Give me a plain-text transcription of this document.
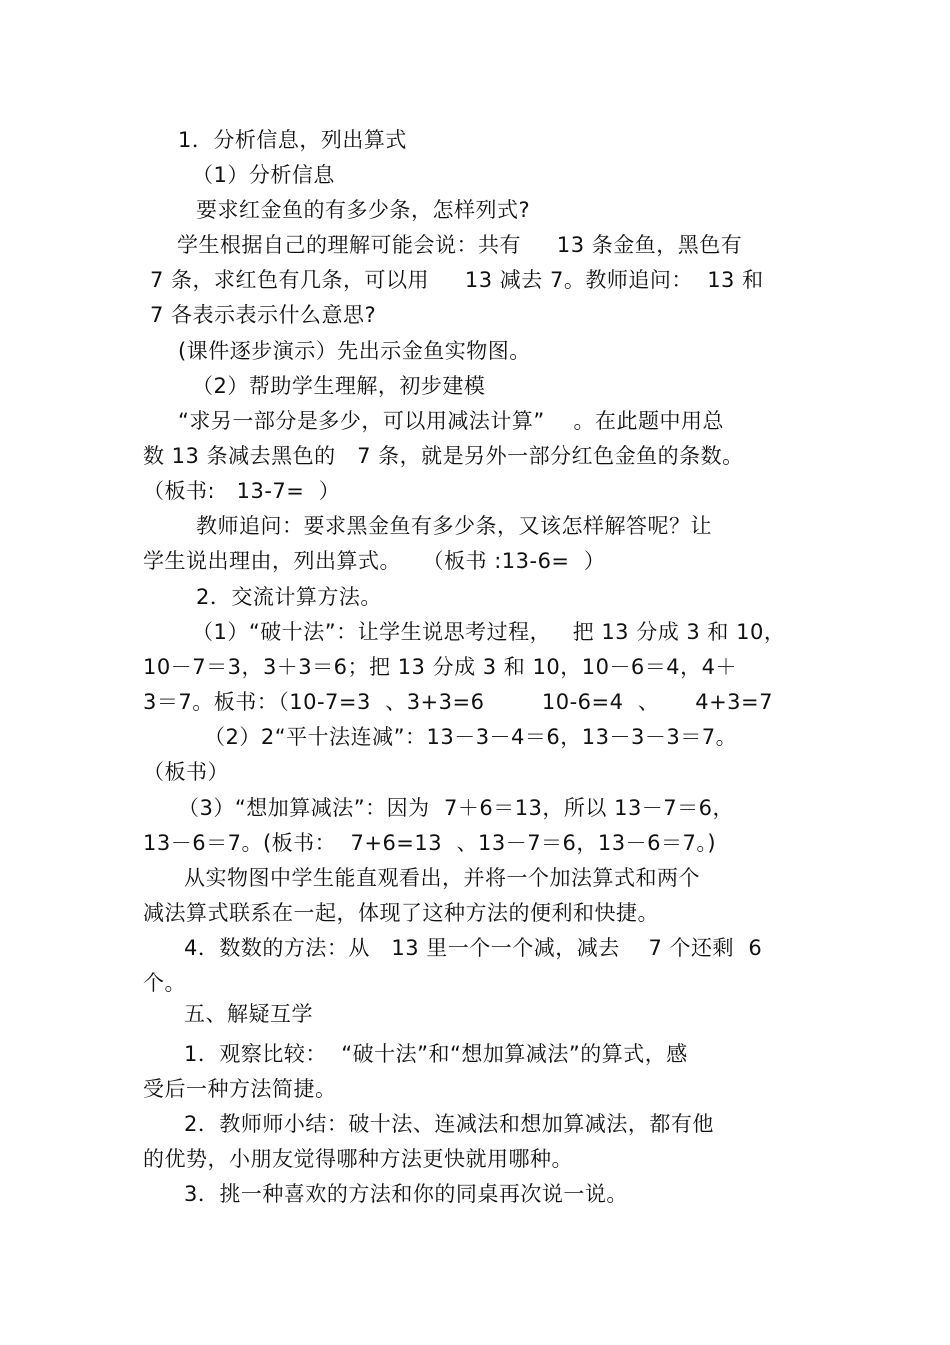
1．分析信息，列出算式
（1）分析信息
要求红金鱼的有多少条，怎样列式?
学生根据自己的理解可能会说：共有     13 条金鱼，黑色有
7 条，求红色有几条，可以用     13 减去 7。教师追问：  13 和
7 各表示表示什么意思?
(课件逐步演示）先出示金鱼实物图。
（2）帮助学生理解，初步建模
“求另一部分是多少，可以用减法计算”    。在此题中用总
数 13 条减去黑色的   7 条，就是另外一部分红色金鱼的条数。
（板书:   13-7=  ）
教师追问：要求黑金鱼有多少条，又该怎样解答呢？让
学生说出理由，列出算式。   （板书 :13-6=  ）
2．交流计算方法。
（1）“破十法”：让学生说思考过程，   把 13 分成 3 和 10，
10－7＝3，3＋3＝6；把 13 分成 3 和 10，10－6＝4，4＋
3＝7。板书：（10-7=3  、3+3=6        10-6=4  、     4+3=7
（2）2“平十法连减”：13－3－4＝6，13－3－3＝7。
（板书）
（3）“想加算减法”：因为  7＋6＝13，所以 13－7＝6，
13－6＝7。(板书：  7+6=13  、13－7＝6，13－6＝7。)
从实物图中学生能直观看出，并将一个加法算式和两个
减法算式联系在一起，体现了这种方法的便利和快捷。
4．数数的方法：从   13 里一个一个减，减去    7 个还剩  6
个。
五、解疑互学
1．观察比较：  “破十法”和“想加算减法”的算式，感
受后一种方法简捷。
2．教师师小结：破十法、连减法和想加算减法，都有他
的优势，小朋友觉得哪种方法更快就用哪种。
3．挑一种喜欢的方法和你的同桌再次说一说。
